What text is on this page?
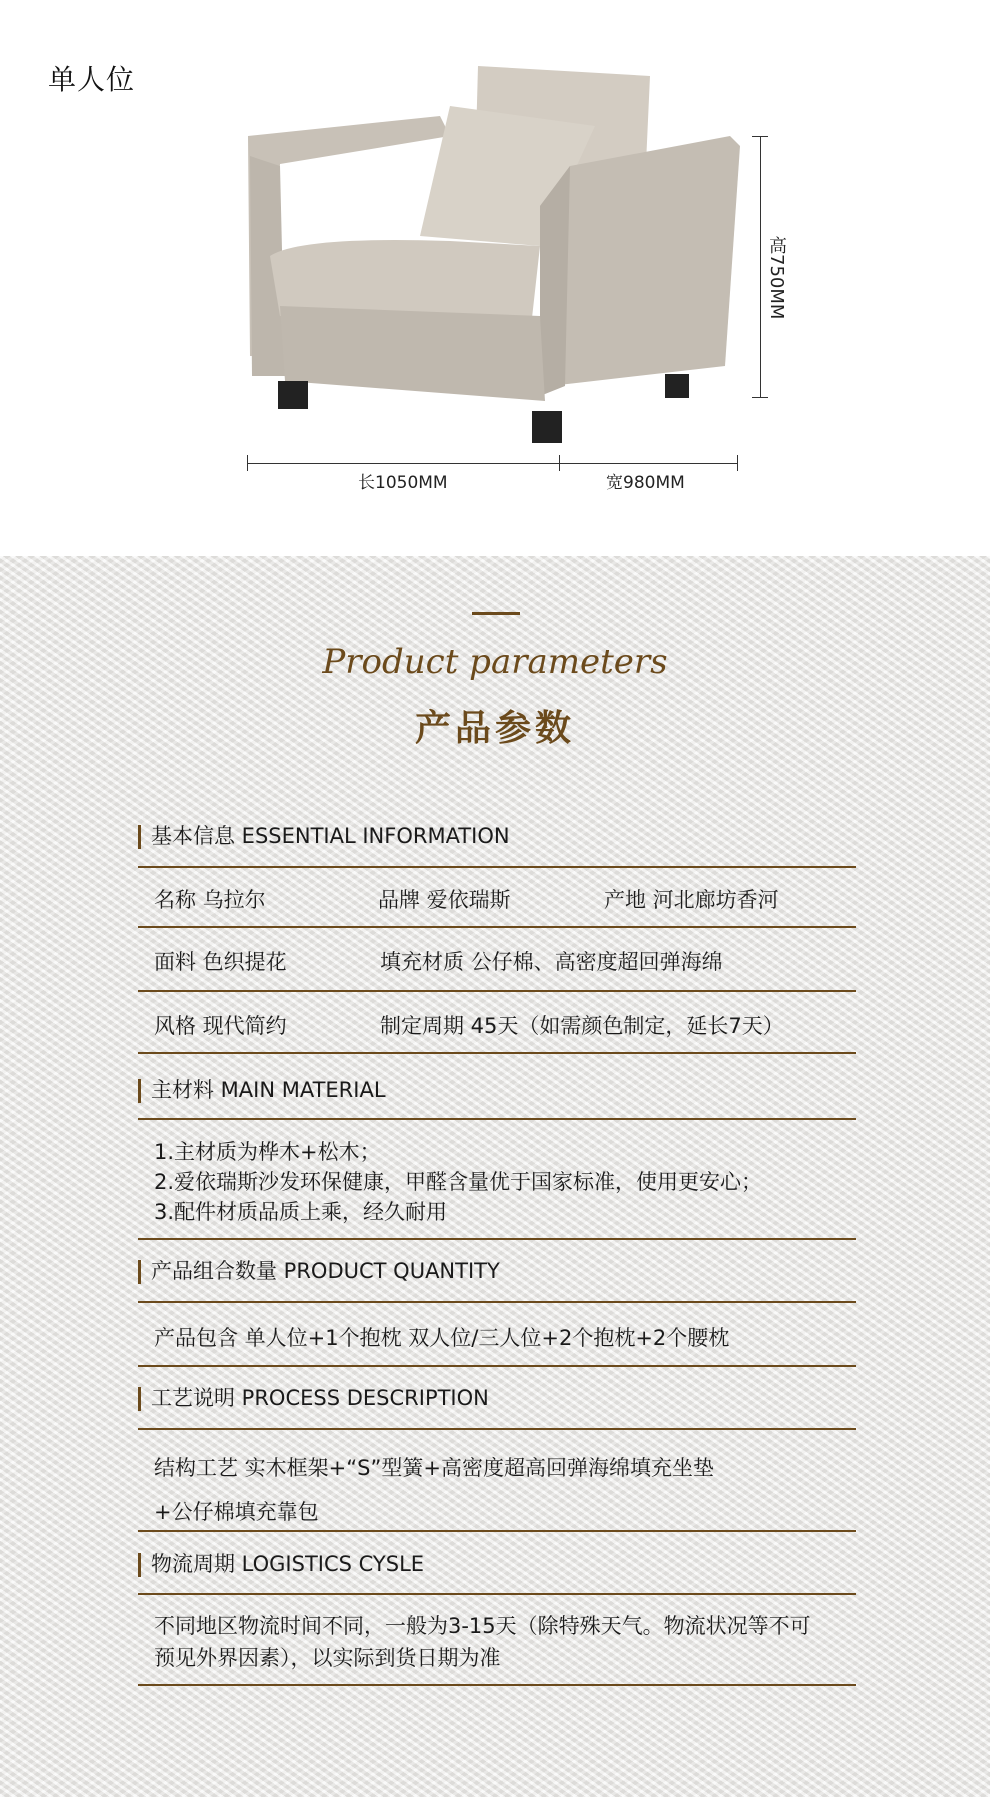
单人位
长1050MM	宽980MM
高750MM
Product parameters
产品参数
基本信息 ESSENTIAL INFORMATION
名称 乌拉尔	品牌 爱依瑞斯	产地 河北廊坊香河
面料 色织提花	填充材质 公仔棉、高密度超回弹海绵
风格 现代简约	制定周期 45天（如需颜色制定，延长7天）
主材料 MAIN MATERIAL
1.主材质为桦木+松木；
2.爱依瑞斯沙发环保健康，甲醛含量优于国家标准，使用更安心；
3.配件材质品质上乘，经久耐用
产品组合数量 PRODUCT QUANTITY
产品包含 单人位+1个抱枕 双人位/三人位+2个抱枕+2个腰枕
工艺说明 PROCESS DESCRIPTION
结构工艺 实木框架+“S”型簧+高密度超高回弹海绵填充坐垫
+公仔棉填充靠包
物流周期 LOGISTICS CYSLE
不同地区物流时间不同，一般为3-15天（除特殊天气。物流状况等不可
预见外界因素），以实际到货日期为准
